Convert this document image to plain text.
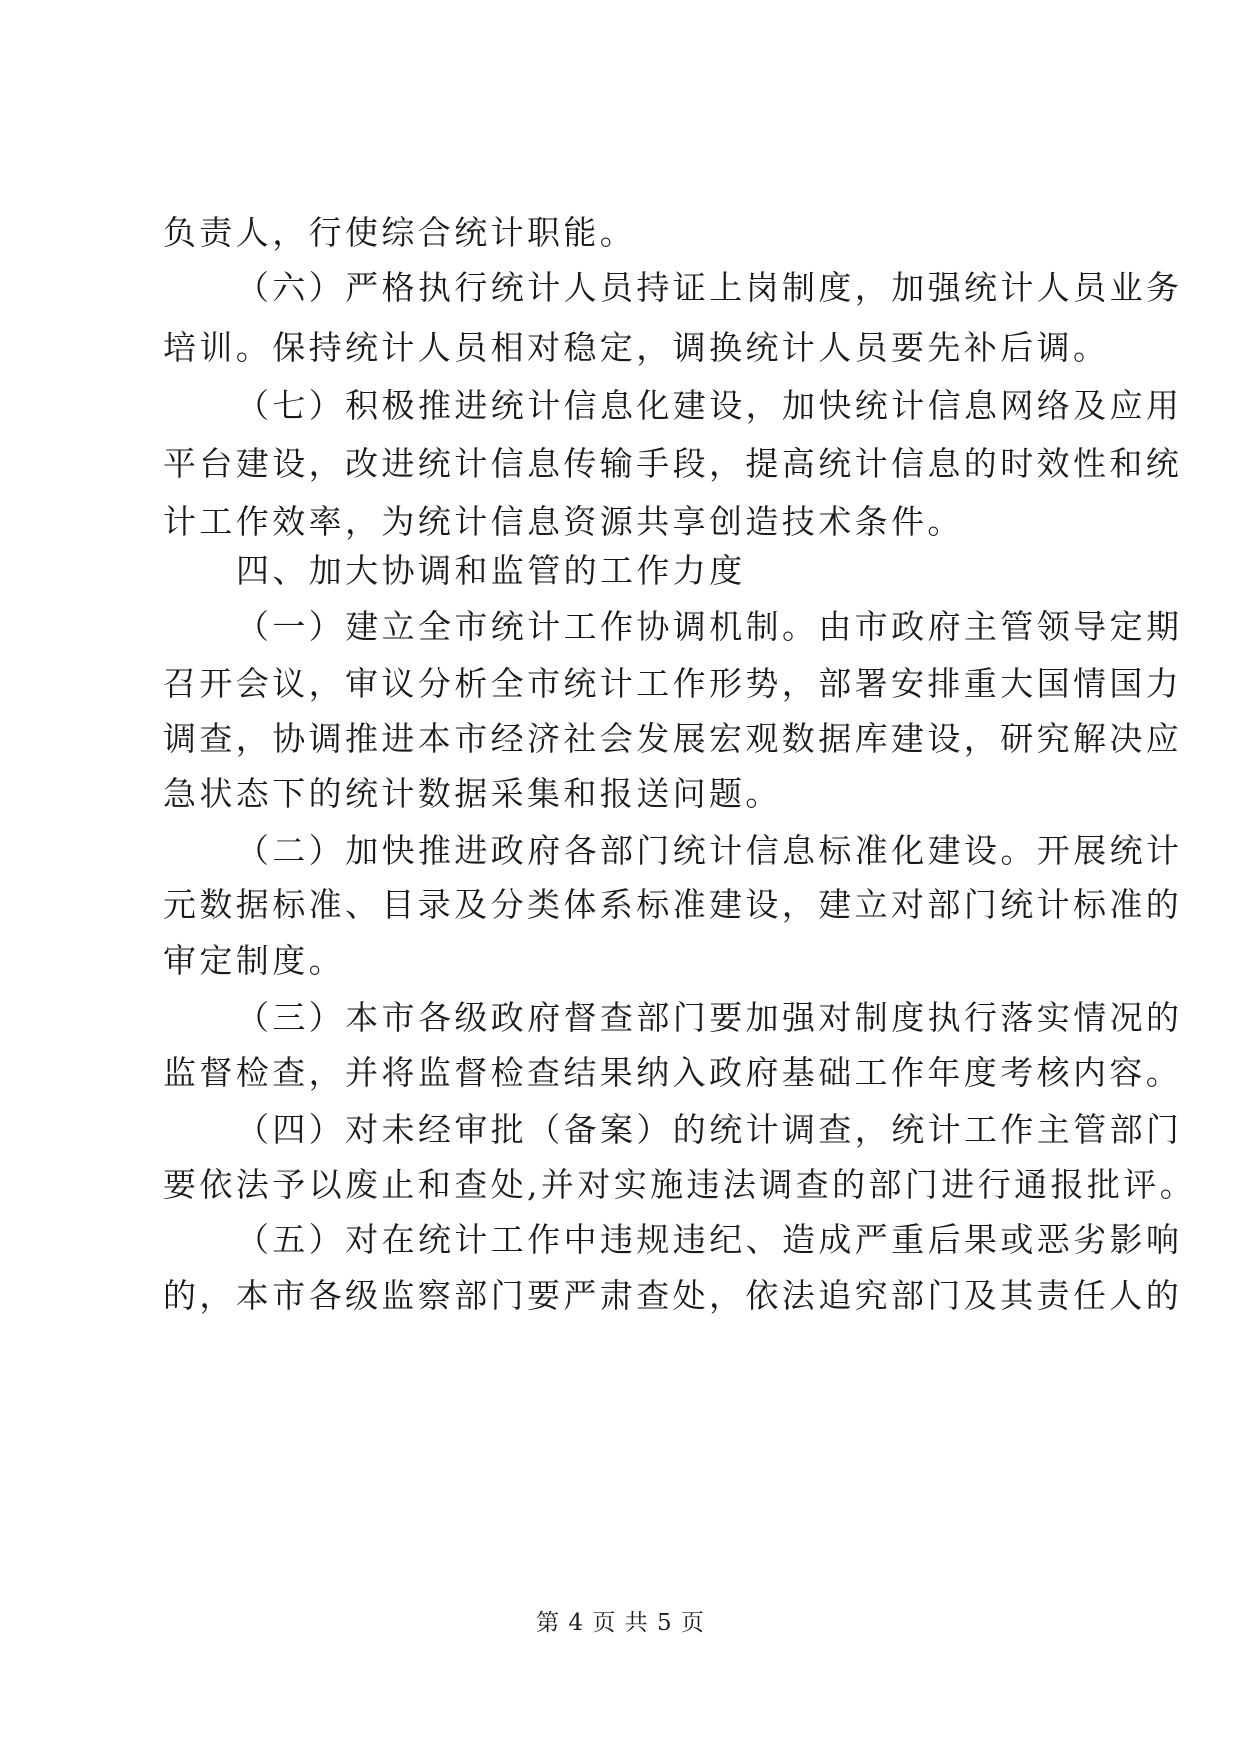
负责人，行使综合统计职能。
（六）严格执行统计人员持证上岗制度，加强统计人员业务
培训。保持统计人员相对稳定，调换统计人员要先补后调。
（七）积极推进统计信息化建设，加快统计信息网络及应用
平台建设，改进统计信息传输手段，提高统计信息的时效性和统
计工作效率，为统计信息资源共享创造技术条件。
四、加大协调和监管的工作力度
（一）建立全市统计工作协调机制。由市政府主管领导定期
召开会议，审议分析全市统计工作形势，部署安排重大国情国力
调查，协调推进本市经济社会发展宏观数据库建设，研究解决应
急状态下的统计数据采集和报送问题。
（二）加快推进政府各部门统计信息标准化建设。开展统计
元数据标准、目录及分类体系标准建设，建立对部门统计标准的
审定制度。
（三）本市各级政府督查部门要加强对制度执行落实情况的
监督检查，并将监督检查结果纳入政府基础工作年度考核内容。
（四）对未经审批（备案）的统计调查，统计工作主管部门
要依法予以废止和查处,并对实施违法调查的部门进行通报批评。
（五）对在统计工作中违规违纪、造成严重后果或恶劣影响
的，本市各级监察部门要严肃查处，依法追究部门及其责任人的
第 4 页 共 5 页
